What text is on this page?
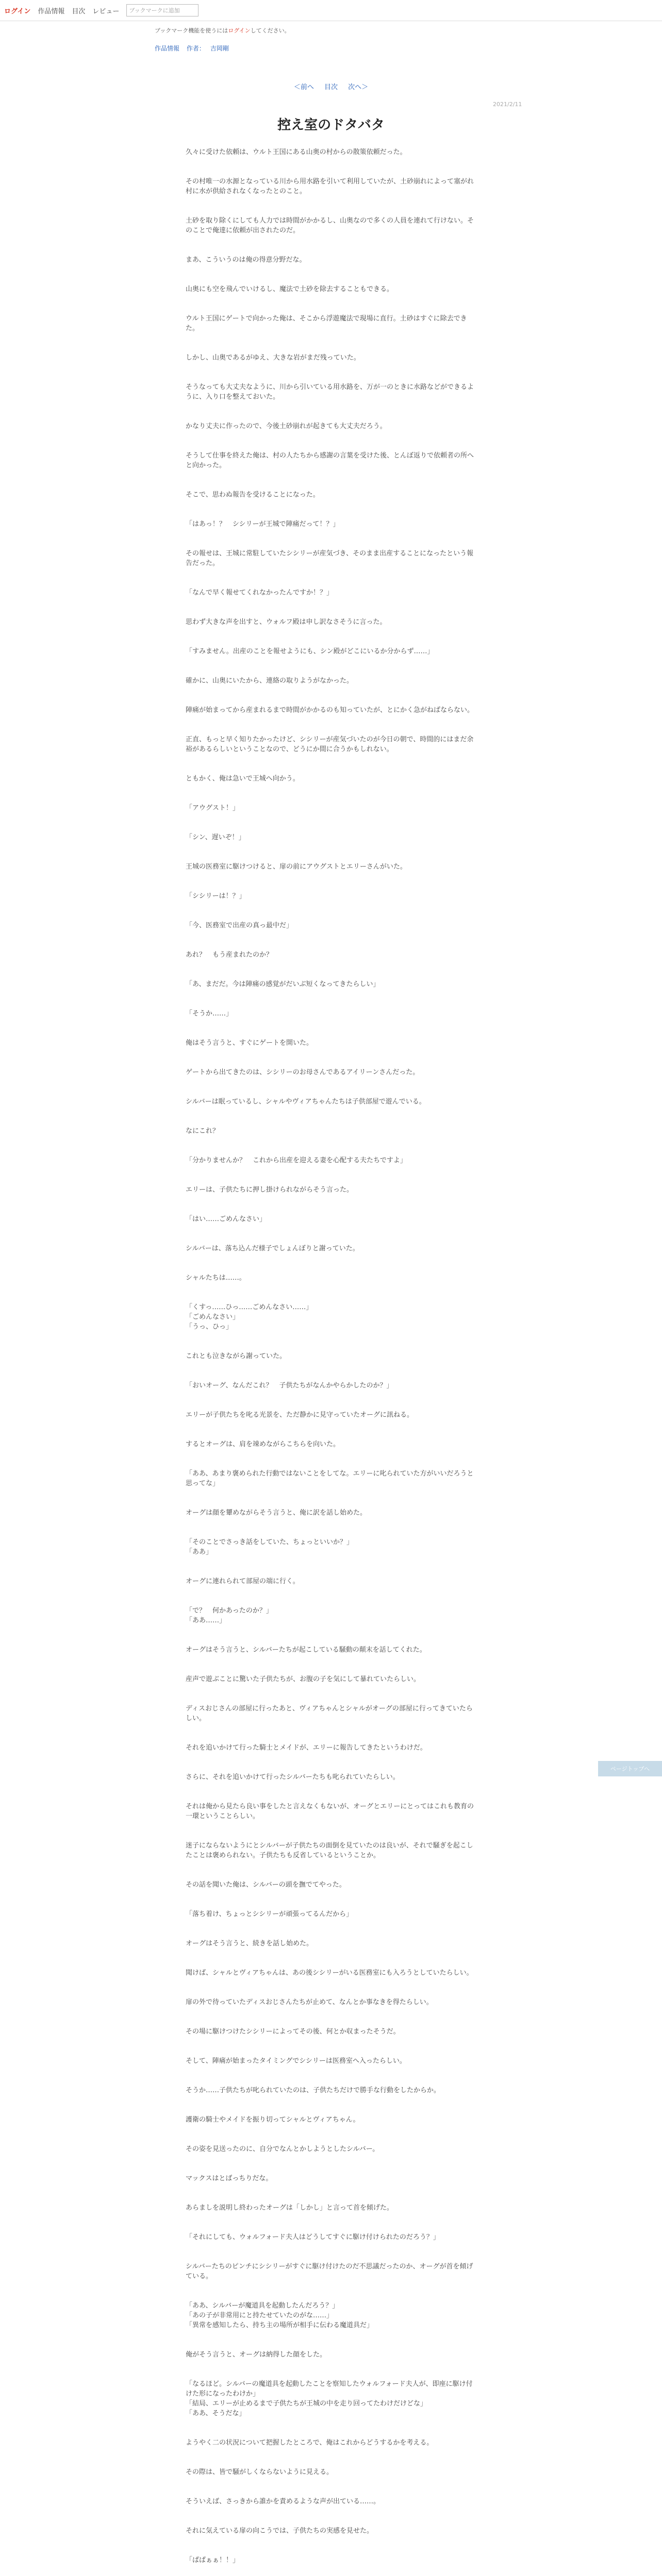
ログイン 作品情報 目次 レビュー	ブックマークに追加
ブックマーク機能を使うにはログインしてください。
作品情報 作者： 吉岡剛
＜前へ 目次 次へ＞
2021/2/11
控え室のドタバタ

久々に受けた依頼は、ウルト王国にある山奥の村からの散策依頼だった。

その村唯一の水源となっている川から用水路を引いて利用していたが、土砂崩れによって塞がれ村に水が供給されなくなったとのこと。

土砂を取り除くにしても人力では時間がかかるし、山奥なので多くの人員を連れて行けない。そのことで俺達に依頼が出されたのだ。

まあ、こういうのは俺の得意分野だな。

山奥にも空を飛んでいけるし、魔法で土砂を除去することもできる。

ウルト王国にゲートで向かった俺は、そこから浮遊魔法で現場に直行。土砂はすぐに除去できた。

しかし、山奥であるがゆえ、大きな岩がまだ残っていた。

そうなっても大丈夫なように、川から引いている用水路を、万が一のときに水路などができるように、入り口を整えておいた。

かなり丈夫に作ったので、今後土砂崩れが起きても大丈夫だろう。

そうして仕事を終えた俺は、村の人たちから感謝の言葉を受けた後、とんぼ返りで依頼者の所へと向かった。

そこで、思わぬ報告を受けることになった。

「はあっ！？　シシリーが王城で陣痛だって！？」

その報せは、王城に常駐していたシシリーが産気づき、そのまま出産することになったという報告だった。

「なんで早く報せてくれなかったんですか！？」

思わず大きな声を出すと、ウォルフ殿は申し訳なさそうに言った。

「すみません。出産のことを報せようにも、シン殿がどこにいるか分からず……」

確かに、山奥にいたから、連絡の取りようがなかった。

陣痛が始まってから産まれるまで時間がかかるのも知っていたが、とにかく急がねばならない。

正直、もっと早く知りたかったけど、シシリーが産気づいたのが今日の朝で、時間的にはまだ余裕があるらしいということなので、どうにか間に合うかもしれない。

ともかく、俺は急いで王城へ向かう。

「アウグスト！」

「シン、遅いぞ！」

王城の医務室に駆けつけると、扉の前にアウグストとエリーさんがいた。

「シシリーは！？」

「今、医務室で出産の真っ最中だ」

あれ？　もう産まれたのか？

「あ、まだだ。今は陣痛の感覚がだいぶ短くなってきたらしい」

「そうか……」

俺はそう言うと、すぐにゲートを開いた。

ゲートから出てきたのは、シシリーのお母さんであるアイリーンさんだった。

シルバーは眠っているし、シャルやヴィアちゃんたちは子供部屋で遊んでいる。

なにこれ？

「分かりませんか？　これから出産を迎える妻を心配する夫たちですよ」

エリーは、子供たちに押し掛けられながらそう言った。

「はい……ごめんなさい」

シルバーは、落ち込んだ様子でしょんぼりと謝っていた。

シャルたちは……。

「くすっ……ひっ……ごめんなさい……」
「ごめんなさい」
「うっ、ひっ」

これとも泣きながら謝っていた。

「おいオーグ、なんだこれ？　子供たちがなんかやらかしたのか？」

エリーが子供たちを叱る光景を、ただ静かに見守っていたオーグに訊ねる。

するとオーグは、肩を竦めながらこちらを向いた。

「ああ、あまり褒められた行動ではないことをしてな。エリーに叱られていた方がいいだろうと思ってな」

オーグは顔を顰めながらそう言うと、俺に訳を話し始めた。

「そのことでさっき話をしていた、ちょっといいか？」
「ああ」

オーグに連れられて部屋の端に行く。

「で？　何かあったのか？」
「ああ……」

オーグはそう言うと、シルバーたちが起こしている騒動の顛末を話してくれた。

産声で遊ぶことに驚いた子供たちが、お腹の子を気にして暴れていたらしい。

ディスおじさんの部屋に行ったあと、ヴィアちゃんとシャルがオーグの部屋に行ってきていたらしい。

それを追いかけて行った騎士とメイドが、エリーに報告してきたというわけだ。

さらに、それを追いかけて行ったシルバーたちも叱られていたらしい。

それは俺から見たら良い事をしたと言えなくもないが、オーグとエリーにとってはこれも教育の一環ということらしい。

迷子にならないようにとシルバーが子供たちの面倒を見ていたのは良いが、それで騒ぎを起こしたことは褒められない。子供たちも反省しているということか。

その話を聞いた俺は、シルバーの頭を撫でてやった。

「落ち着け、ちょっとシシリーが頑張ってるんだから」

オーグはそう言うと、続きを話し始めた。

聞けば、シャルとヴィアちゃんは、あの後シシリーがいる医務室にも入ろうとしていたらしい。

扉の外で待っていたディスおじさんたちが止めて、なんとか事なきを得たらしい。

その場に駆けつけたシシリーによってその後、何とか収まったそうだ。

そして、陣痛が始まったタイミングでシシリーは医務室へ入ったらしい。

そうか……子供たちが叱られていたのは、子供たちだけで勝手な行動をしたからか。

護衛の騎士やメイドを振り切ってシャルとヴィアちゃん。

その姿を見送ったのに、自分でなんとかしようとしたシルバー。

マックスはとばっちりだな。

あらましを説明し終わったオーグは「しかし」と言って首を傾げた。

「それにしても、ウォルフォード夫人はどうしてすぐに駆け付けられたのだろう？」

シルバーたちのピンチにシシリーがすぐに駆け付けたのだ不思議だったのか、オーグが首を傾げている。

「ああ、シルバーが魔道具を起動したんだろう？」
「あの子が非常用にと持たせていたのがな……」
「異常を感知したら、持ち主の場所が相手に伝わる魔道具だ」

俺がそう言うと、オーグは納得した顔をした。

「なるほど。シルバーの魔道具を起動したことを察知したウォルフォード夫人が、即座に駆け付けた形になったわけか」
「結局、エリーが止めるまで子供たちが王城の中を走り回ってたわけだけどな」
「ああ、そうだな」

ようやく二の状況について把握したところで、俺はこれからどうするかを考える。

その際は、皆で騒がしくならないように見える。

そういえば、さっきから誰かを責めるような声が出ている……。

それに気えている扉の向こうでは、子供たちの実感を見せた。

「ぱぱぁぁ！！」

ページトップへ
